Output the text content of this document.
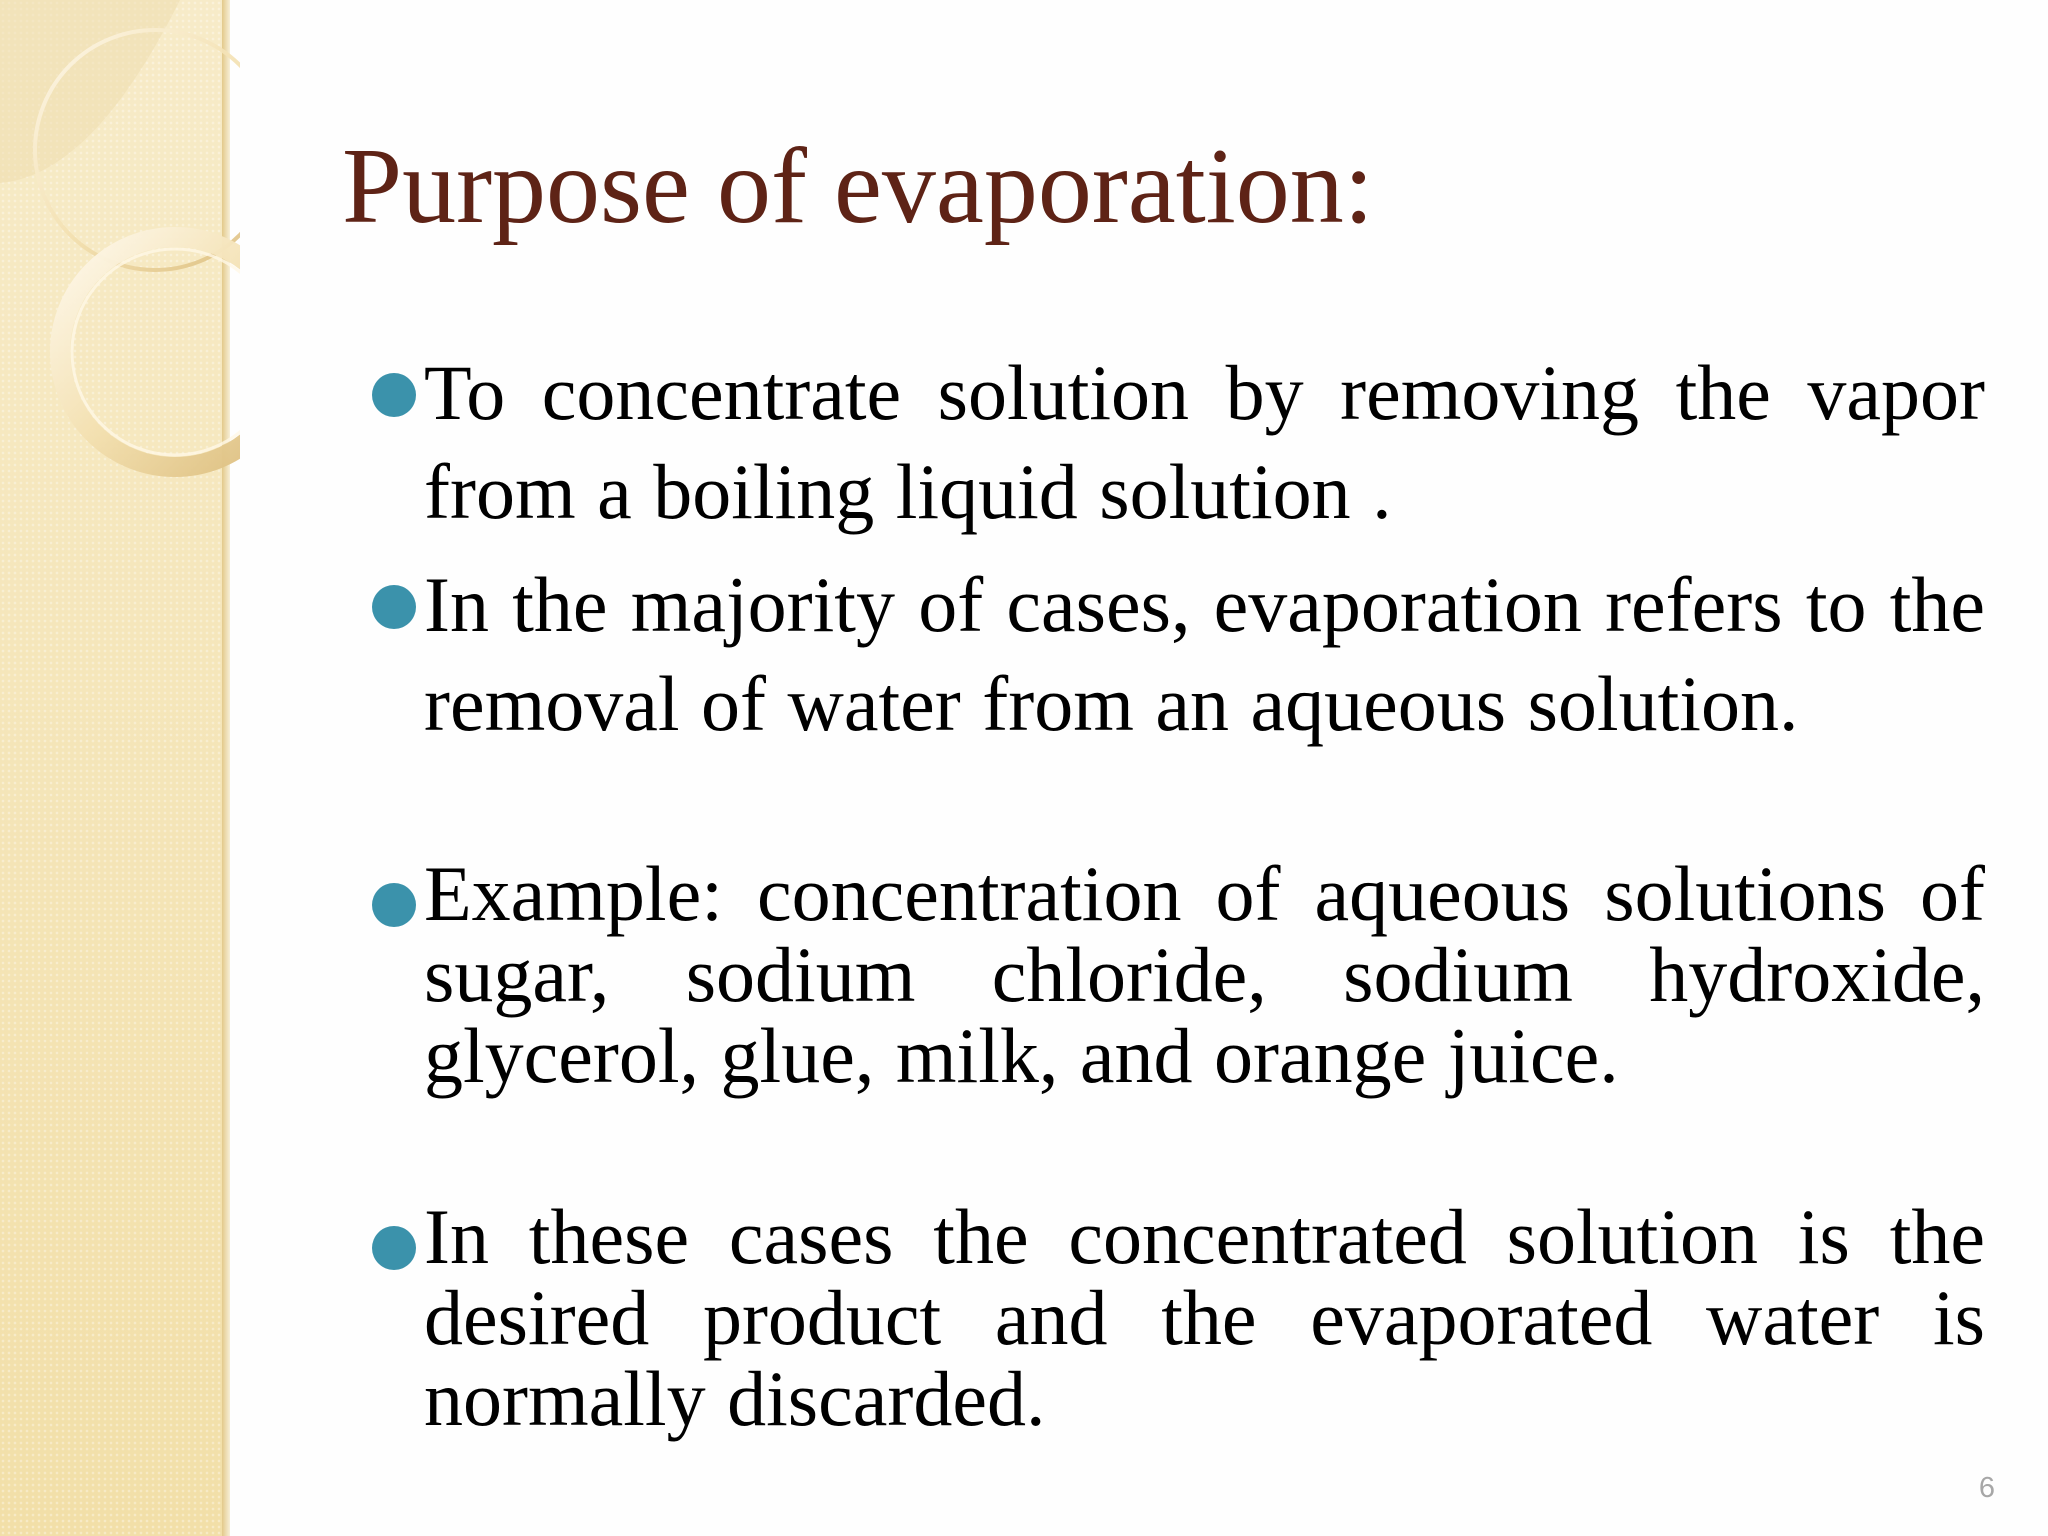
Purpose of evaporation:

To concentrate solution by removing the vapor from a boiling liquid solution .

In the majority of cases, evaporation refers to the removal of water from an aqueous solution.

Example: concentration of aqueous solutions of sugar, sodium chloride, sodium hydroxide, glycerol, glue, milk, and orange juice.

In these cases the concentrated solution is the desired product and the evaporated water is normally discarded.

6
